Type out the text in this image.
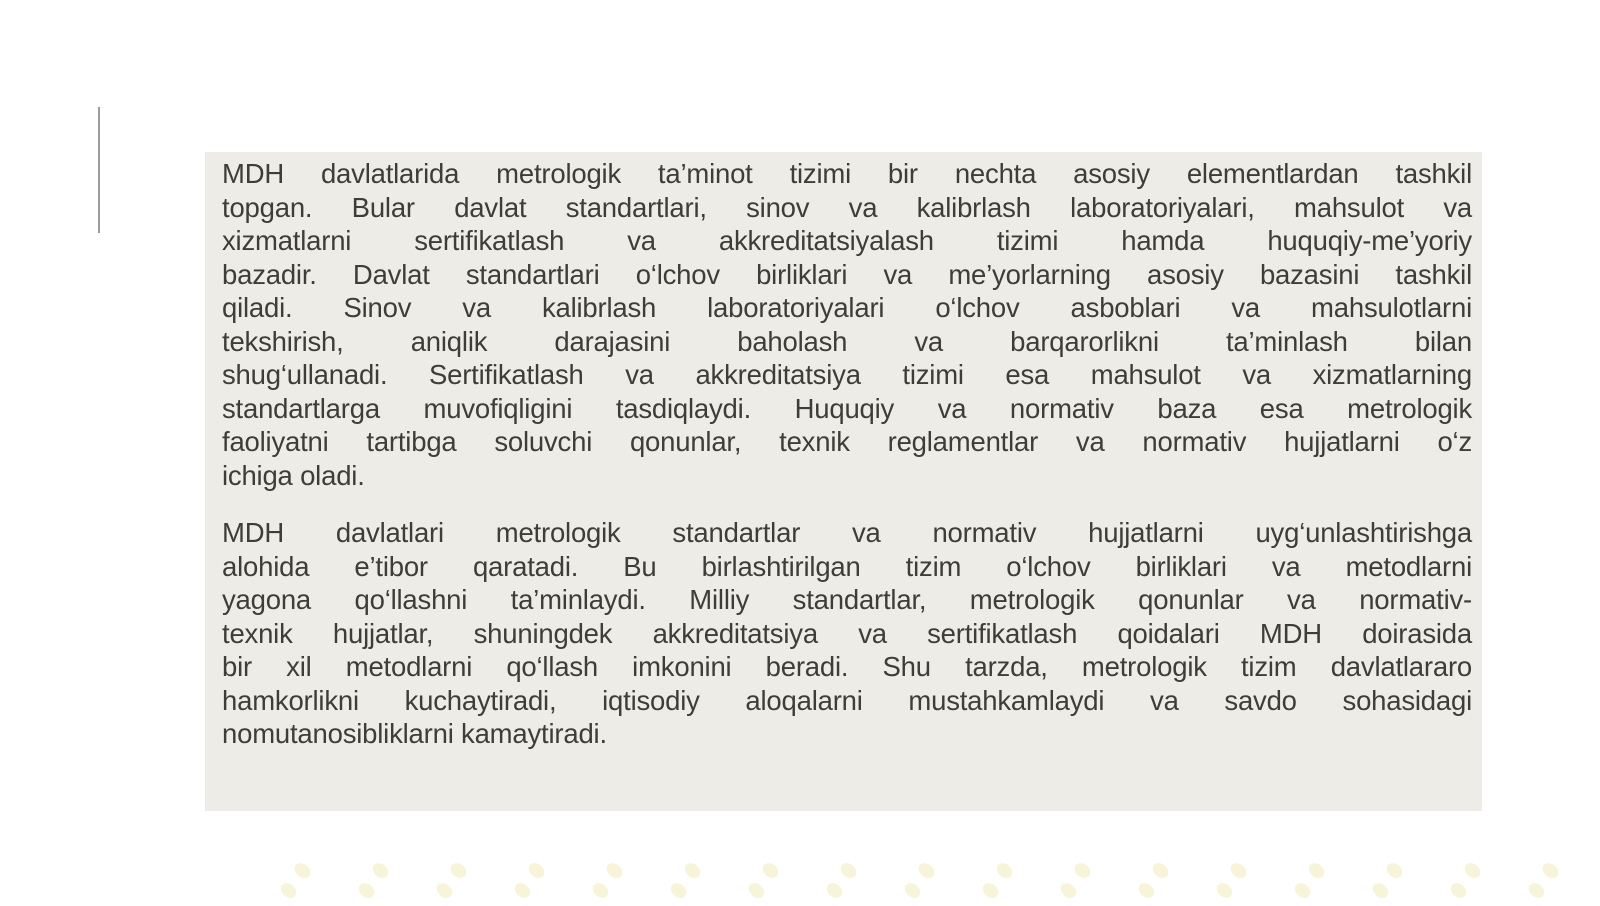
MDH davlatlarida metrologik ta’minot tizimi bir nechta asosiy elementlardan tashkil
topgan. Bular davlat standartlari, sinov va kalibrlash laboratoriyalari, mahsulot va
xizmatlarni sertifikatlash va akkreditatsiyalash tizimi hamda huquqiy-me’yoriy
bazadir. Davlat standartlari o‘lchov birliklari va me’yorlarning asosiy bazasini tashkil
qiladi. Sinov va kalibrlash laboratoriyalari o‘lchov asboblari va mahsulotlarni
tekshirish, aniqlik darajasini baholash va barqarorlikni ta’minlash bilan
shug‘ullanadi. Sertifikatlash va akkreditatsiya tizimi esa mahsulot va xizmatlarning
standartlarga muvofiqligini tasdiqlaydi. Huquqiy va normativ baza esa metrologik
faoliyatni tartibga soluvchi qonunlar, texnik reglamentlar va normativ hujjatlarni o‘z
ichiga oladi.
MDH davlatlari metrologik standartlar va normativ hujjatlarni uyg‘unlashtirishga
alohida e’tibor qaratadi. Bu birlashtirilgan tizim o‘lchov birliklari va metodlarni
yagona qo‘llashni ta’minlaydi. Milliy standartlar, metrologik qonunlar va normativ-
texnik hujjatlar, shuningdek akkreditatsiya va sertifikatlash qoidalari MDH doirasida
bir xil metodlarni qo‘llash imkonini beradi. Shu tarzda, metrologik tizim davlatlararo
hamkorlikni kuchaytiradi, iqtisodiy aloqalarni mustahkamlaydi va savdo sohasidagi
nomutanosibliklarni kamaytiradi.
